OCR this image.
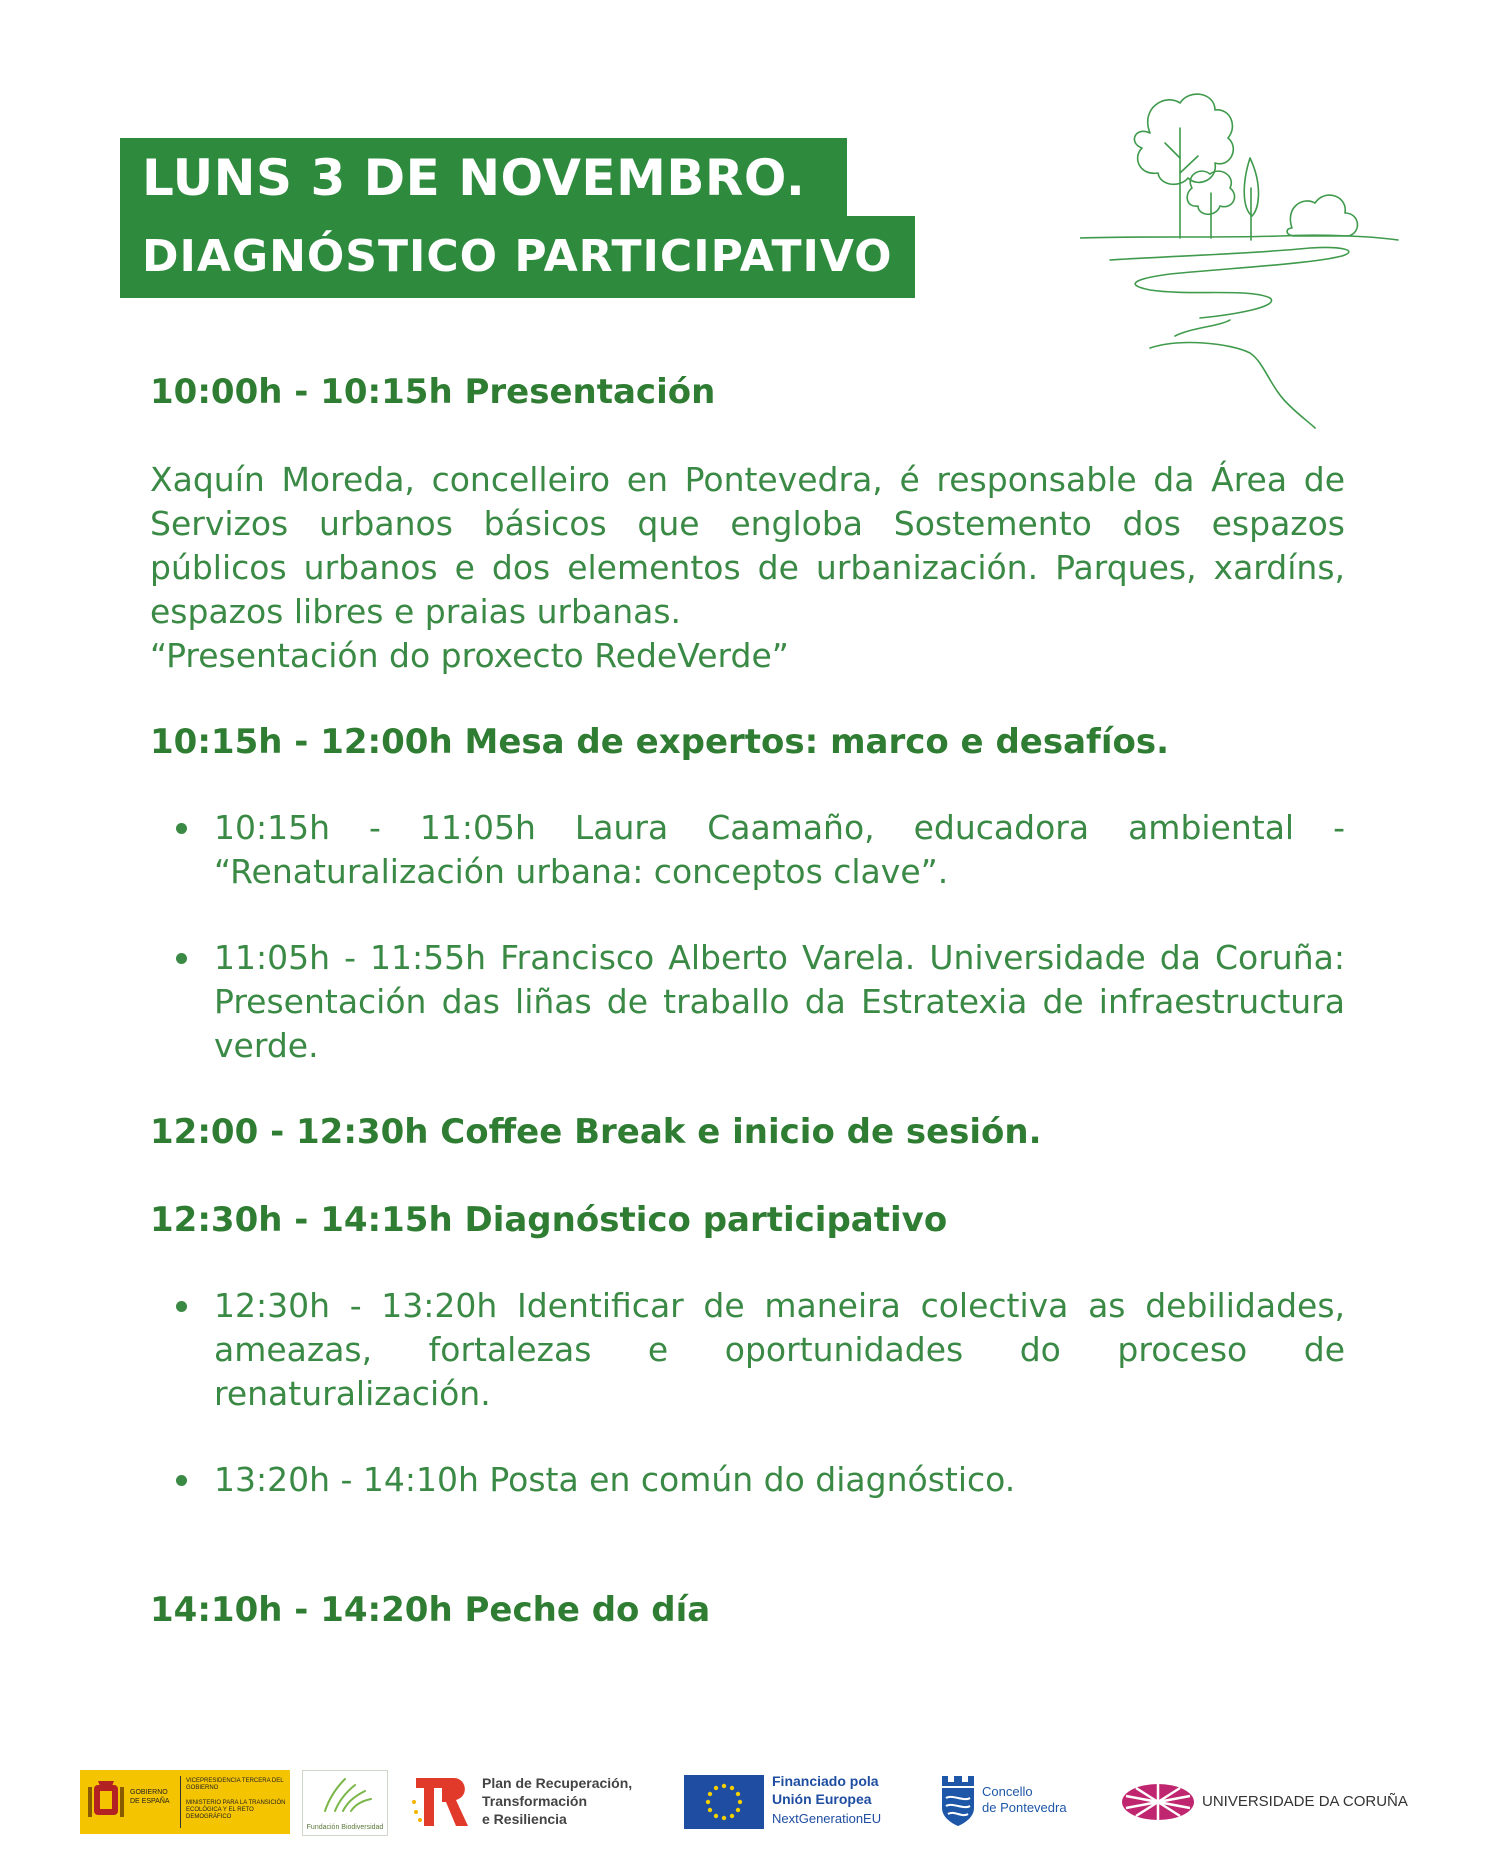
LUNS 3 DE NOVEMBRO.
DIAGNÓSTICO PARTICIPATIVO

10:00h - 10:15h Presentación

Xaquín Moreda, concelleiro en Pontevedra, é responsable da Área de Servizos urbanos básicos que engloba Sostemento dos espazos públicos urbanos e dos elementos de urbanización. Parques, xardíns, espazos libres e praias urbanas.

“Presentación do proxecto RedeVerde”

10:15h - 12:00h Mesa de expertos: marco e desafíos.

10:15h - 11:05h Laura Caamaño, educadora ambiental - “Renaturalización urbana: conceptos clave”.
11:05h - 11:55h Francisco Alberto Varela. Universidade da Coruña: Presentación das liñas de traballo da Estratexia de infraestructura verde.

12:00 - 12:30h Coffee Break e inicio de sesión.

12:30h - 14:15h Diagnóstico participativo

12:30h - 13:20h Identificar de maneira colectiva as debilidades, ameazas, fortalezas e oportunidades do proceso de renaturalización.
13:20h - 14:10h Posta en común do diagnóstico.

14:10h - 14:20h Peche do día

GOBIERNO DE ESPAÑA
VICEPRESIDENCIA TERCERA DEL GOBIERNO
MINISTERIO PARA LA TRANSICIÓN ECOLÓGICA Y EL RETO DEMOGRÁFICO
Fundación Biodiversidad
Plan de Recuperación,
Transformación
e Resiliencia
Financiado pola
Unión Europea
NextGenerationEU
Concello
de Pontevedra	UNIVERSIDADE DA CORUÑA
